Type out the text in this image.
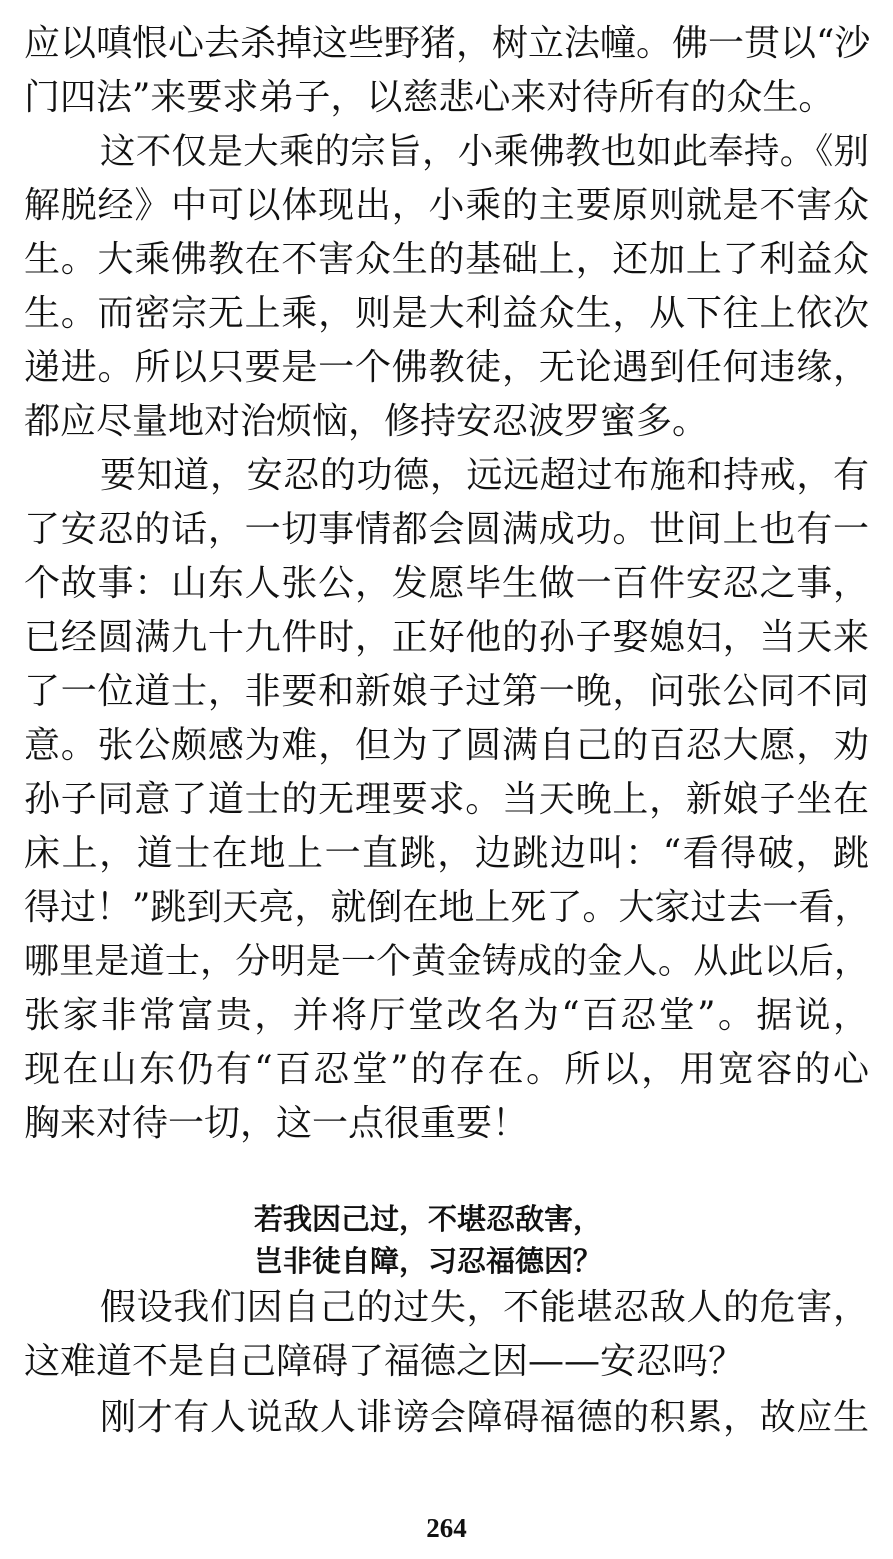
应以嗔恨心去杀掉这些野猪，树立法幢。佛一贯以“沙
门四法”来要求弟子，以慈悲心来对待所有的众生。
这不仅是大乘的宗旨，小乘佛教也如此奉持。《别
解脱经》中可以体现出，小乘的主要原则就是不害众
生。大乘佛教在不害众生的基础上，还加上了利益众
生。而密宗无上乘，则是大利益众生，从下往上依次
递进。所以只要是一个佛教徒，无论遇到任何违缘，
都应尽量地对治烦恼，修持安忍波罗蜜多。
要知道，安忍的功德，远远超过布施和持戒，有
了安忍的话，一切事情都会圆满成功。世间上也有一
个故事：山东人张公，发愿毕生做一百件安忍之事，
已经圆满九十九件时，正好他的孙子娶媳妇，当天来
了一位道士，非要和新娘子过第一晚，问张公同不同
意。张公颇感为难，但为了圆满自己的百忍大愿，劝
孙子同意了道士的无理要求。当天晚上，新娘子坐在
床上，道士在地上一直跳，边跳边叫：“看得破，跳
得过！”跳到天亮，就倒在地上死了。大家过去一看，
哪里是道士，分明是一个黄金铸成的金人。从此以后，
张家非常富贵，并将厅堂改名为“百忍堂”。据说，
现在山东仍有“百忍堂”的存在。所以，用宽容的心
胸来对待一切，这一点很重要！
若我因己过，不堪忍敌害，
岂非徒自障，习忍福德因？
假设我们因自己的过失，不能堪忍敌人的危害，
这难道不是自己障碍了福德之因——安忍吗？
刚才有人说敌人诽谤会障碍福德的积累，故应生
264
